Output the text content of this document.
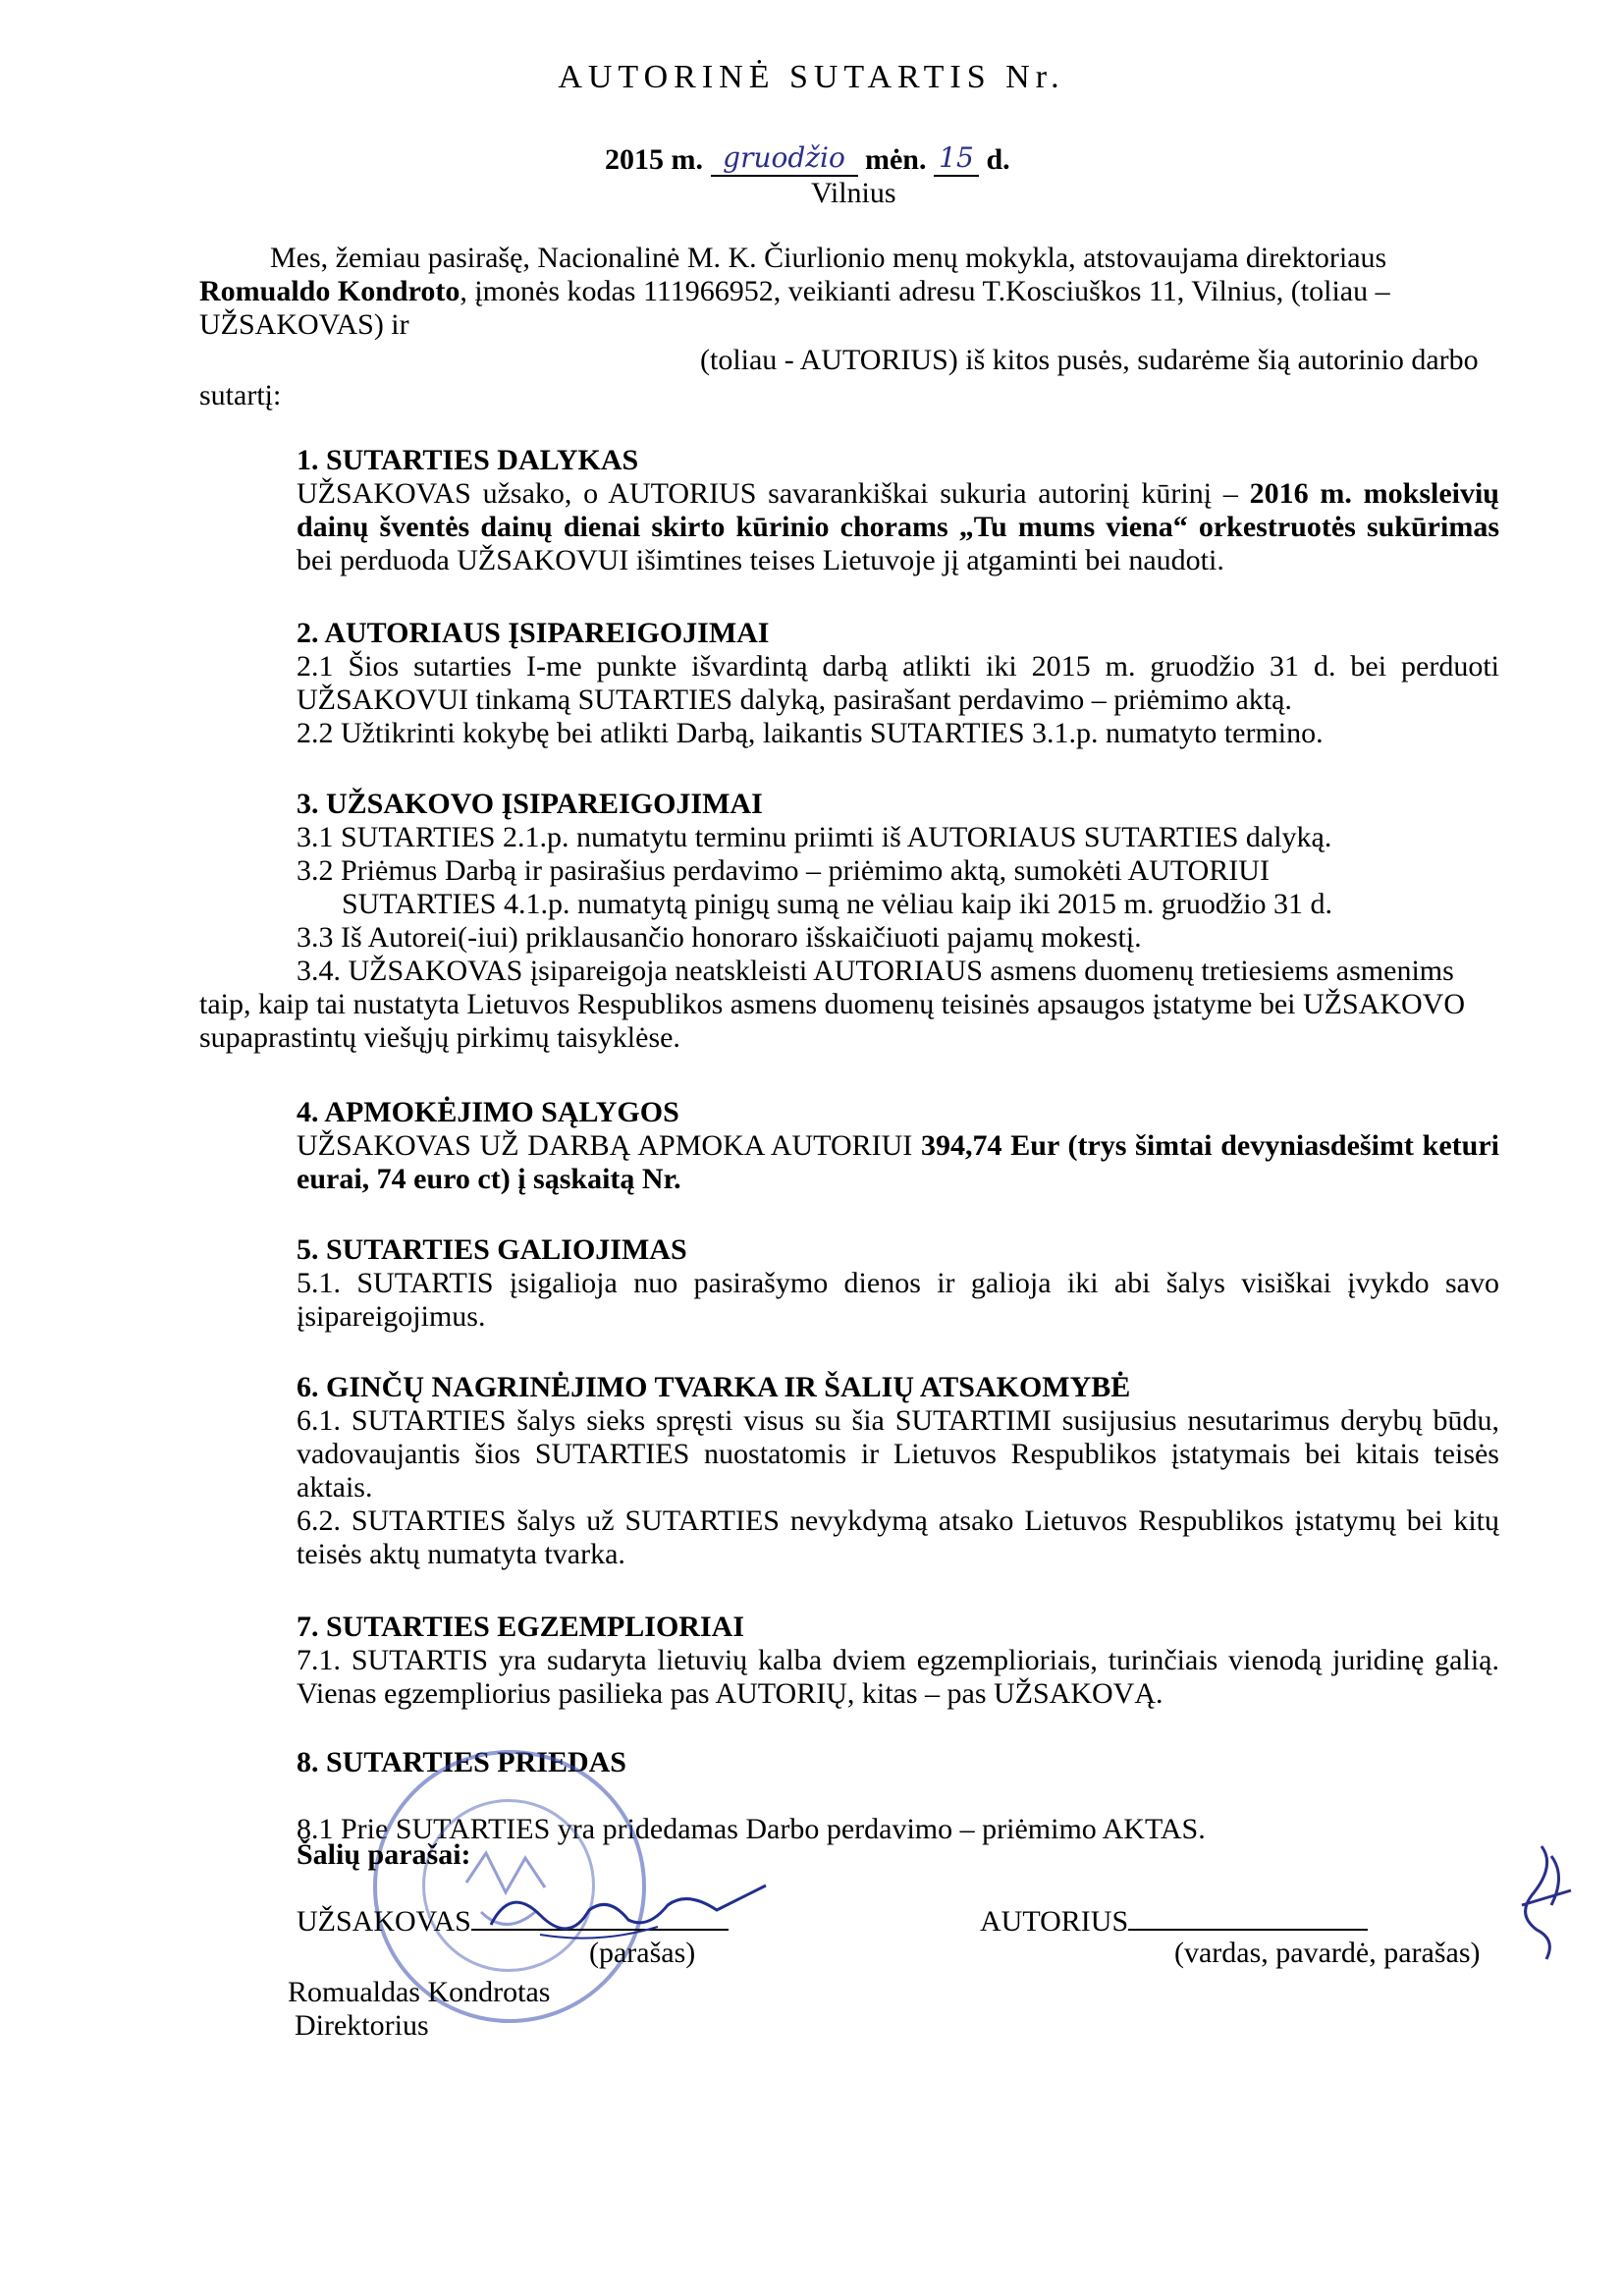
AUTORINĖ SUTARTIS Nr.
2015 m. gruodžio mėn. 15 d.
Vilnius
Mes, žemiau pasirašę, Nacionalinė M. K. Čiurlionio menų mokykla, atstovaujama direktoriaus
Romualdo Kondroto, įmonės kodas 111966952, veikianti adresu T.Kosciuškos 11, Vilnius, (toliau –
UŽSAKOVAS) ir
(toliau - AUTORIUS) iš kitos pusės, sudarėme šią autorinio darbo
sutartį:
1. SUTARTIES DALYKAS

UŽSAKOVAS užsako, o AUTORIUS savarankiškai sukuria autorinį kūrinį – 2016 m. moksleivių dainų šventės dainų dienai skirto kūrinio chorams „Tu mums viena“ orkestruotės sukūrimas bei perduoda UŽSAKOVUI išimtines teises Lietuvoje jį atgaminti bei naudoti.

2. AUTORIAUS ĮSIPAREIGOJIMAI

2.1 Šios sutarties I-me punkte išvardintą darbą atlikti iki 2015 m. gruodžio 31 d. bei perduoti UŽSAKOVUI tinkamą SUTARTIES dalyką, pasirašant perdavimo – priėmimo aktą.

2.2 Užtikrinti kokybę bei atlikti Darbą, laikantis SUTARTIES 3.1.p. numatyto termino.

3. UŽSAKOVO ĮSIPAREIGOJIMAI

3.1 SUTARTIES 2.1.p. numatytu terminu priimti iš AUTORIAUS SUTARTIES dalyką.

3.2 Priėmus Darbą ir pasirašius perdavimo – priėmimo aktą, sumokėti AUTORIUI

SUTARTIES 4.1.p. numatytą pinigų sumą ne vėliau kaip iki 2015 m. gruodžio 31 d.

3.3 Iš Autorei(-iui) priklausančio honoraro išskaičiuoti pajamų mokestį.

3.4. UŽSAKOVAS įsipareigoja neatskleisti AUTORIAUS asmens duomenų tretiesiems asmenims

taip, kaip tai nustatyta Lietuvos Respublikos asmens duomenų teisinės apsaugos įstatyme bei UŽSAKOVO

supaprastintų viešųjų pirkimų taisyklėse.

4. APMOKĖJIMO SĄLYGOS

UŽSAKOVAS UŽ DARBĄ APMOKA AUTORIUI 394,74 Eur (trys šimtai devyniasdešimt keturi eurai, 74 euro ct) į sąskaitą Nr.

5. SUTARTIES GALIOJIMAS

5.1. SUTARTIS įsigalioja nuo pasirašymo dienos ir galioja iki abi šalys visiškai įvykdo savo įsipareigojimus.

6. GINČŲ NAGRINĖJIMO TVARKA IR ŠALIŲ ATSAKOMYBĖ

6.1. SUTARTIES šalys sieks spręsti visus su šia SUTARTIMI susijusius nesutarimus derybų būdu, vadovaujantis šios SUTARTIES nuostatomis ir Lietuvos Respublikos įstatymais bei kitais teisės aktais.

6.2. SUTARTIES šalys už SUTARTIES nevykdymą atsako Lietuvos Respublikos įstatymų bei kitų teisės aktų numatyta tvarka.

7. SUTARTIES EGZEMPLIORIAI

7.1. SUTARTIS yra sudaryta lietuvių kalba dviem egzemplioriais, turinčiais vienodą juridinę galią. Vienas egzempliorius pasilieka pas AUTORIŲ, kitas – pas UŽSAKOVĄ.

8. SUTARTIES PRIEDAS

8.1 Prie SUTARTIES yra pridedamas Darbo perdavimo – priėmimo AKTAS.

Šalių parašai:
UŽSAKOVAS
(parašas)
Romualdas Kondrotas
Direktorius
AUTORIUS
(vardas, pavardė, parašas)
